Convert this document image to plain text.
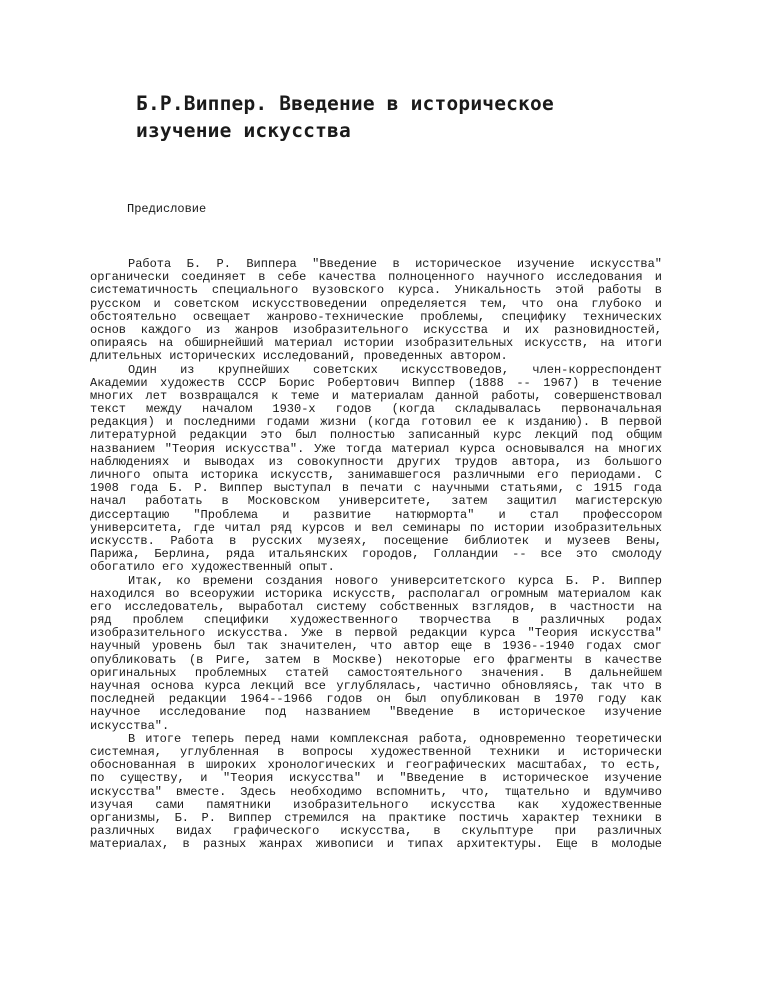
Б.Р.Виппер. Введение в историческое
изучение искусства

Предисловие

Работа Б. Р. Виппера "Введение в историческое изучение искусства"
органически соединяет в себе качества полноценного научного исследования и
систематичность специального вузовского курса. Уникальность этой работы в
русском и советском искусствоведении определяется тем, что она глубоко и
обстоятельно освещает жанрово-технические проблемы, специфику технических
основ каждого из жанров изобразительного искусства и их разновидностей,
опираясь на обширнейший материал истории изобразительных искусств, на итоги
длительных исторических исследований, проведенных автором.
Один из крупнейших советских искусствоведов, член-корреспондент
Академии художеств СССР Борис Робертович Виппер (1888 -- 1967) в течение
многих лет возвращался к теме и материалам данной работы, совершенствовал
текст между началом 1930-х годов (когда складывалась первоначальная
редакция) и последними годами жизни (когда готовил ее к изданию). В первой
литературной редакции это был полностью записанный курс лекций под общим
названием "Теория искусства". Уже тогда материал курса основывался на многих
наблюдениях и выводах из совокупности других трудов автора, из большого
личного опыта историка искусств, занимавшегося различными его периодами. С
1908 года Б. Р. Виппер выступал в печати с научными статьями, с 1915 года
начал работать в Московском университете, затем защитил магистерскую
диссертацию "Проблема и развитие натюрморта" и стал профессором
университета, где читал ряд курсов и вел семинары по истории изобразительных
искусств. Работа в русских музеях, посещение библиотек и музеев Вены,
Парижа, Берлина, ряда итальянских городов, Голландии -- все это смолоду
обогатило его художественный опыт.
Итак, ко времени создания нового университетского курса Б. Р. Виппер
находился во всеоружии историка искусств, располагал огромным материалом как
его исследователь, выработал систему собственных взглядов, в частности на
ряд проблем специфики художественного творчества в различных родах
изобразительного искусства. Уже в первой редакции курса "Теория искусства"
научный уровень был так значителен, что автор еще в 1936--1940 годах смог
опубликовать (в Риге, затем в Москве) некоторые его фрагменты в качестве
оригинальных проблемных статей самостоятельного значения. В дальнейшем
научная основа курса лекций все углублялась, частично обновляясь, так что в
последней редакции 1964--1966 годов он был опубликован в 1970 году как
научное исследование под названием "Введение в историческое изучение
искусства".
В итоге теперь перед нами комплексная работа, одновременно теоретически
системная, углубленная в вопросы художественной техники и исторически
обоснованная в широких хронологических и географических масштабах, то есть,
по существу, и "Теория искусства" и "Введение в историческое изучение
искусства" вместе. Здесь необходимо вспомнить, что, тщательно и вдумчиво
изучая сами памятники изобразительного искусства как художественные
организмы, Б. Р. Виппер стремился на практике постичь характер техники в
различных видах графического искусства, в скульптуре при различных
материалах, в разных жанрах живописи и типах архитектуры. Еще в молодые
